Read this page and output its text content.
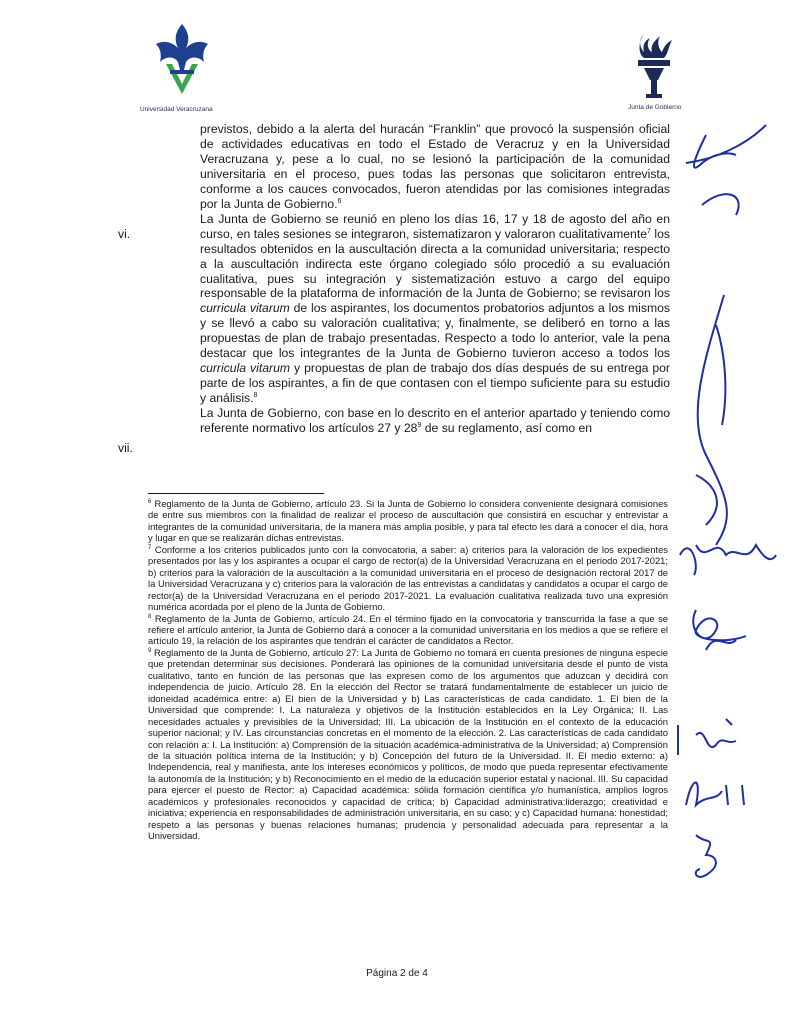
Universidad Veracruzana	Junta de Gobierno

previstos, debido a la alerta del huracán “Franklin” que provocó la suspensión oficial de actividades educativas en todo el Estado de Veracruz y en la Universidad Veracruzana y, pese a lo cual, no se lesionó la participación de la comunidad universitaria en el proceso, pues todas las personas que solicitaron entrevista, conforme a los cauces convocados, fueron atendidas por las comisiones integradas por la Junta de Gobierno.$^6$

La Junta de Gobierno se reunió en pleno los días 16, 17 y 18 de agosto del año en curso, en tales sesiones se integraron, sistematizaron y valoraron cualitativamente$^7$ los resultados obtenidos en la auscultación directa a la comunidad universitaria; respecto a la auscultación indirecta este órgano colegiado sólo procedió a su evaluación cualitativa, pues su integración y sistematización estuvo a cargo del equipo responsable de la plataforma de información de la Junta de Gobierno; se revisaron los curricula vitarum de los aspirantes, los documentos probatorios adjuntos a los mismos y se llevó a cabo su valoración cualitativa; y, finalmente, se deliberó en torno a las propuestas de plan de trabajo presentadas. Respecto a todo lo anterior, vale la pena destacar que los integrantes de la Junta de Gobierno tuvieron acceso a todos los curricula vitarum y propuestas de plan de trabajo dos días después de su entrega por parte de los aspirantes, a fin de que contasen con el tiempo suficiente para su estudio y análisis.$^8$

La Junta de Gobierno, con base en lo descrito en el anterior apartado y teniendo como referente normativo los artículos 27 y $28^9$ de su reglamento, así como en

vi.
vii.

$^6$ Reglamento de la Junta de Gobierno, artículo 23. Si la Junta de Gobierno lo considera conveniente designará comisiones de entre sus miembros con la finalidad de realizar el proceso de auscultación que consistirá en escuchar y entrevistar a integrantes de la comunidad universitaria, de la manera más amplia posible, y para tal efecto les dará a conocer el día, hora y lugar en que se realizarán dichas entrevistas.

$^7$ Conforme a los criterios publicados junto con la convocatoria, a saber: a) criterios para la valoración de los expedientes presentados por las y los aspirantes a ocupar el cargo de rector(a) de la Universidad Veracruzana en el periodo 2017-2021; b) criterios para la valoración de la auscultación a la comunidad universitaria en el proceso de designación rectoral 2017 de la Universidad Veracruzana y c) criterios para la valoración de las entrevistas a candidatas y candidatos a ocupar el cargo de rector(a) de la Universidad Veracruzana en el periodo 2017-2021. La evaluación cualitativa realizada tuvo una expresión numérica acordada por el pleno de la Junta de Gobierno.

$^8$ Reglamento de la Junta de Gobierno, artículo 24. En el término fijado en la convocatoria y transcurrida la fase a que se refiere el artículo anterior, la Junta de Gobierno dará a conocer a la comunidad universitaria en los medios a que se refiere el artículo 19, la relación de los aspirantes que tendrán el carácter de candidatos a Rector.

$^9$ Reglamento de la Junta de Gobierno, artículo 27: La Junta de Gobierno no tomará en cuenta presiones de ninguna especie que pretendan determinar sus decisiones. Ponderará las opiniones de la comunidad universitaria desde el punto de vista cualitativo, tanto en función de las personas que las expresen como de los argumentos que aduzcan y decidirá con independencia de juicio. Artículo 28. En la elección del Rector se tratará fundamentalmente de establecer un juicio de idoneidad académica entre: a) El bien de la Universidad y b) Las características de cada candidato. 1. El bien de la Universidad que comprende: I. La naturaleza y objetivos de la Institución establecidos en la Ley Orgánica; II. Las necesidades actuales y previsibles de la Universidad; III. La ubicación de la Institución en el contexto de la educación superior nacional; y IV. Las circunstancias concretas en el momento de la elección. 2. Las características de cada candidato con relación a: I. La Institución: a) Comprensión de la situación académica-administrativa de la Universidad; a) Comprensión de la situación política interna de la Institución; y b) Concepción del futuro de la Universidad. II. El medio externo: a) Independencia, real y manifiesta, ante los intereses económicos y políticos, de modo que pueda representar efectivamente la autonomía de la Institución; y b) Reconocimiento en el medio de la educación superior estatal y nacional. III. Su capacidad para ejercer el puesto de Rector: a) Capacidad académica: sólida formación científica y/o humanística, amplios logros académicos y profesionales reconocidos y capacidad de crítica; b) Capacidad administrativa:liderazgo; creatividad e iniciativa; experiencia en responsabilidades de administración universitaria, en su caso; y c) Capacidad humana: honestidad; respeto a las personas y buenas relaciones humanas; prudencia y personalidad adecuada para representar a la Universidad.

Página 2 de 4
